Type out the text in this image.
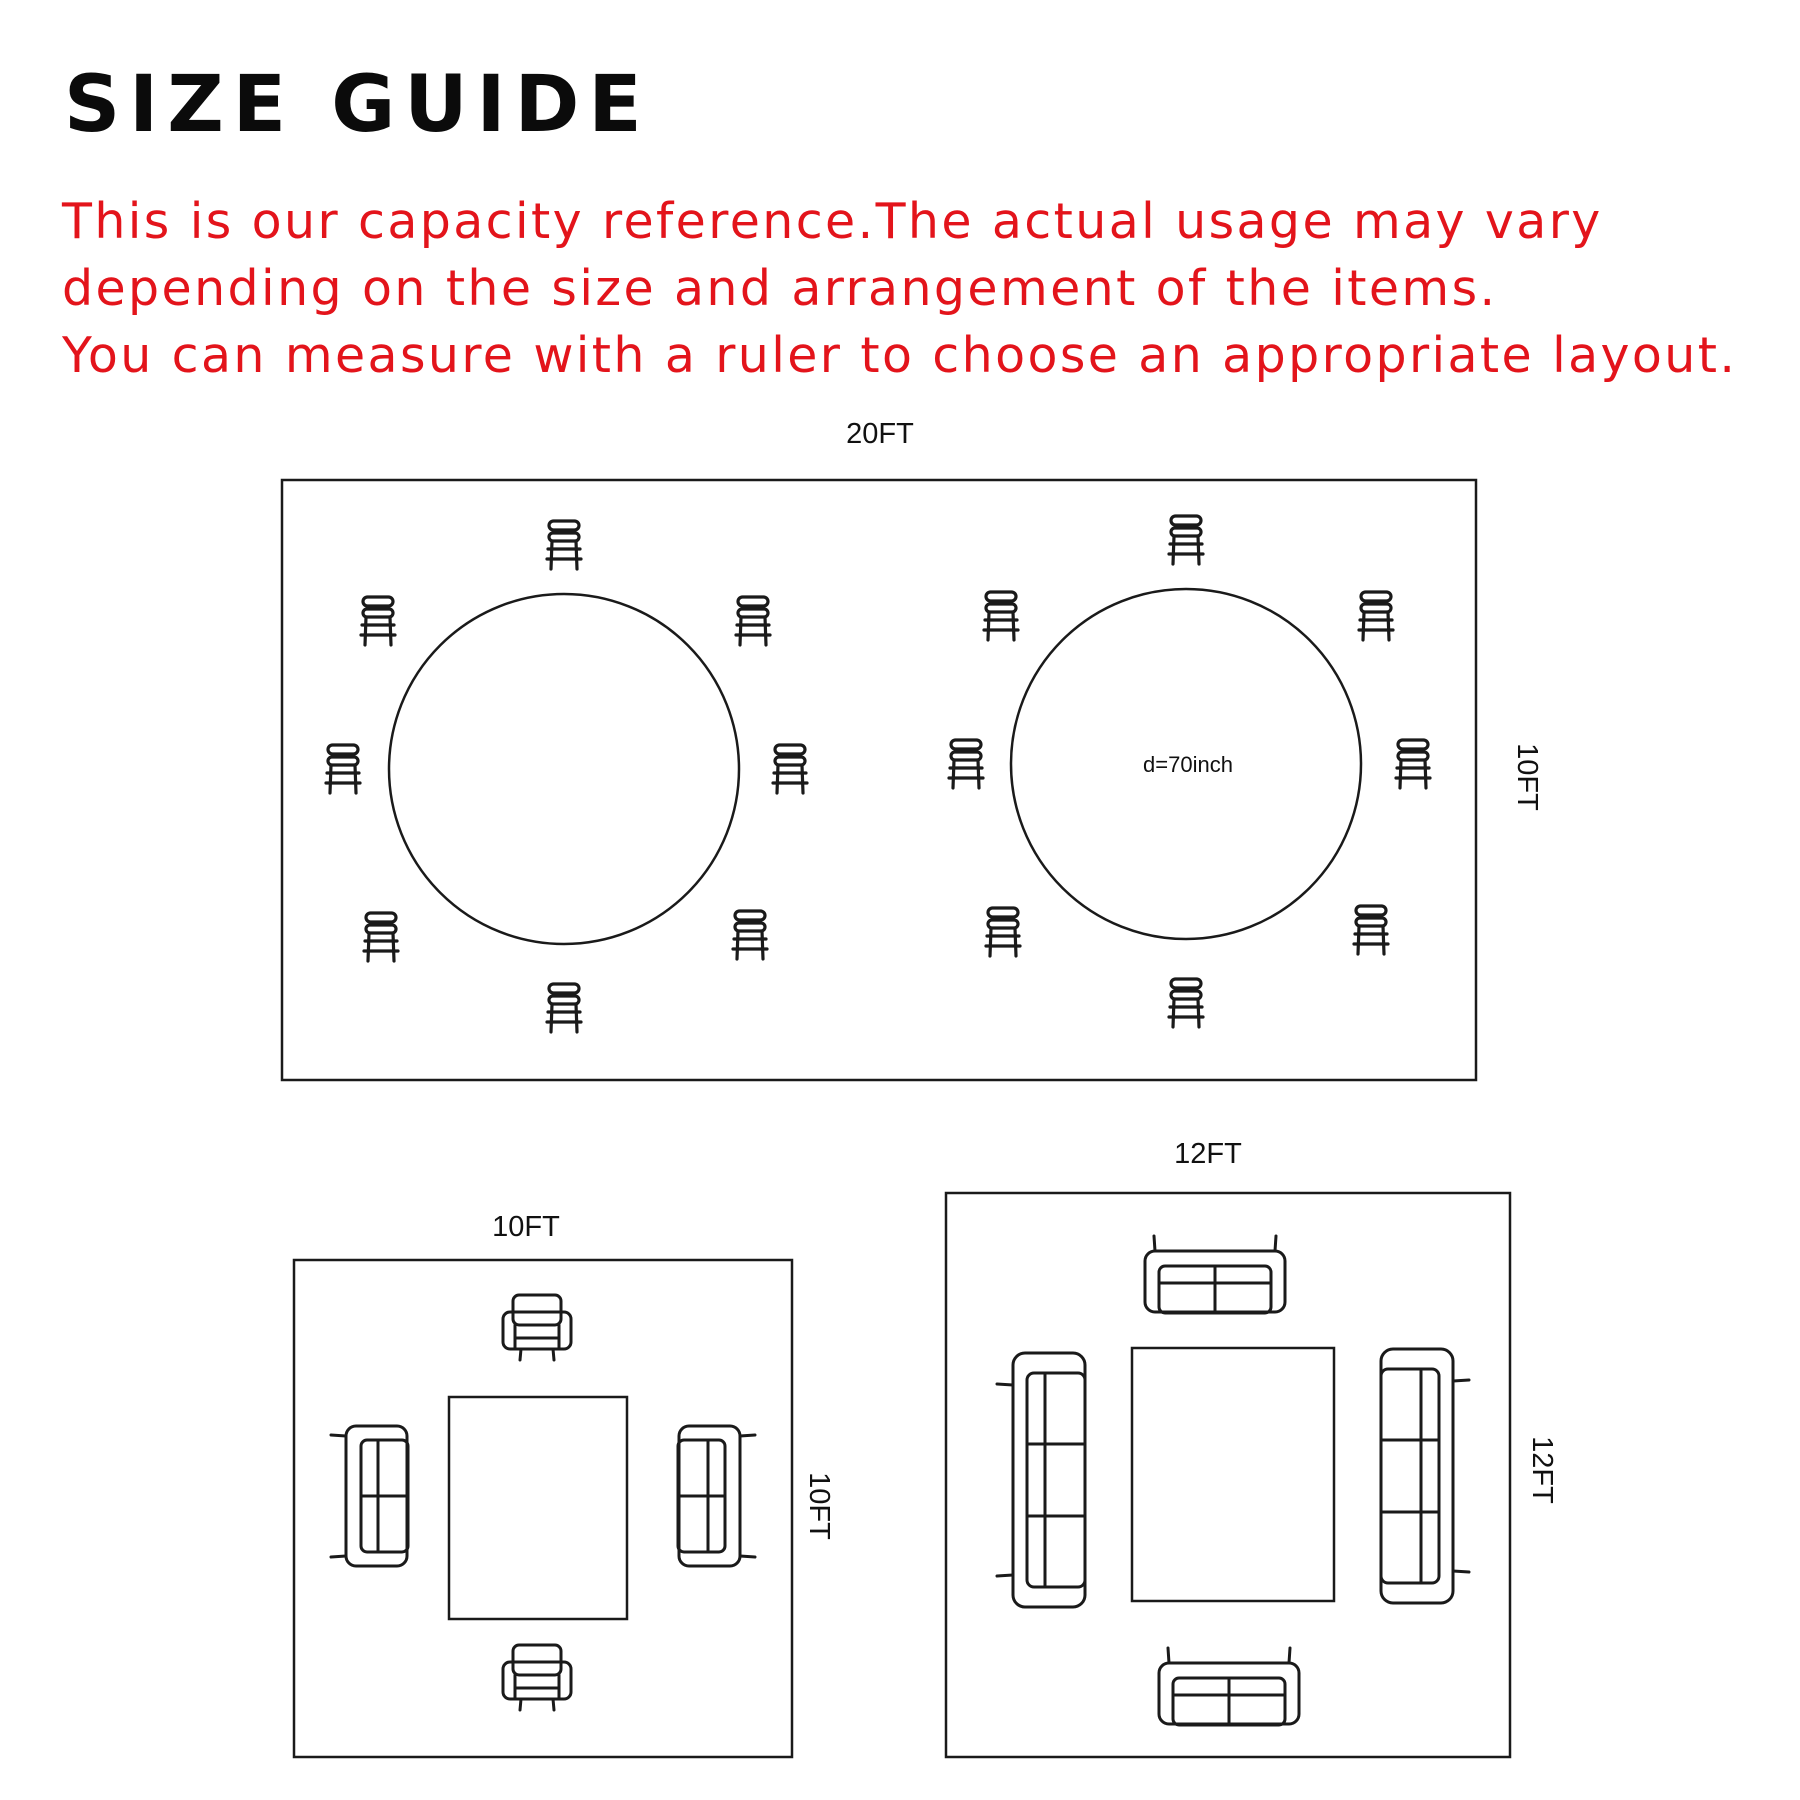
SIZE GUIDE
This is our capacity reference.The actual usage may vary
depending on the size and arrangement of the items.
You can measure with a ruler to choose an appropriate layout.
20FT
10FT
d=70inch
10FT
10FT
12FT
12FT
